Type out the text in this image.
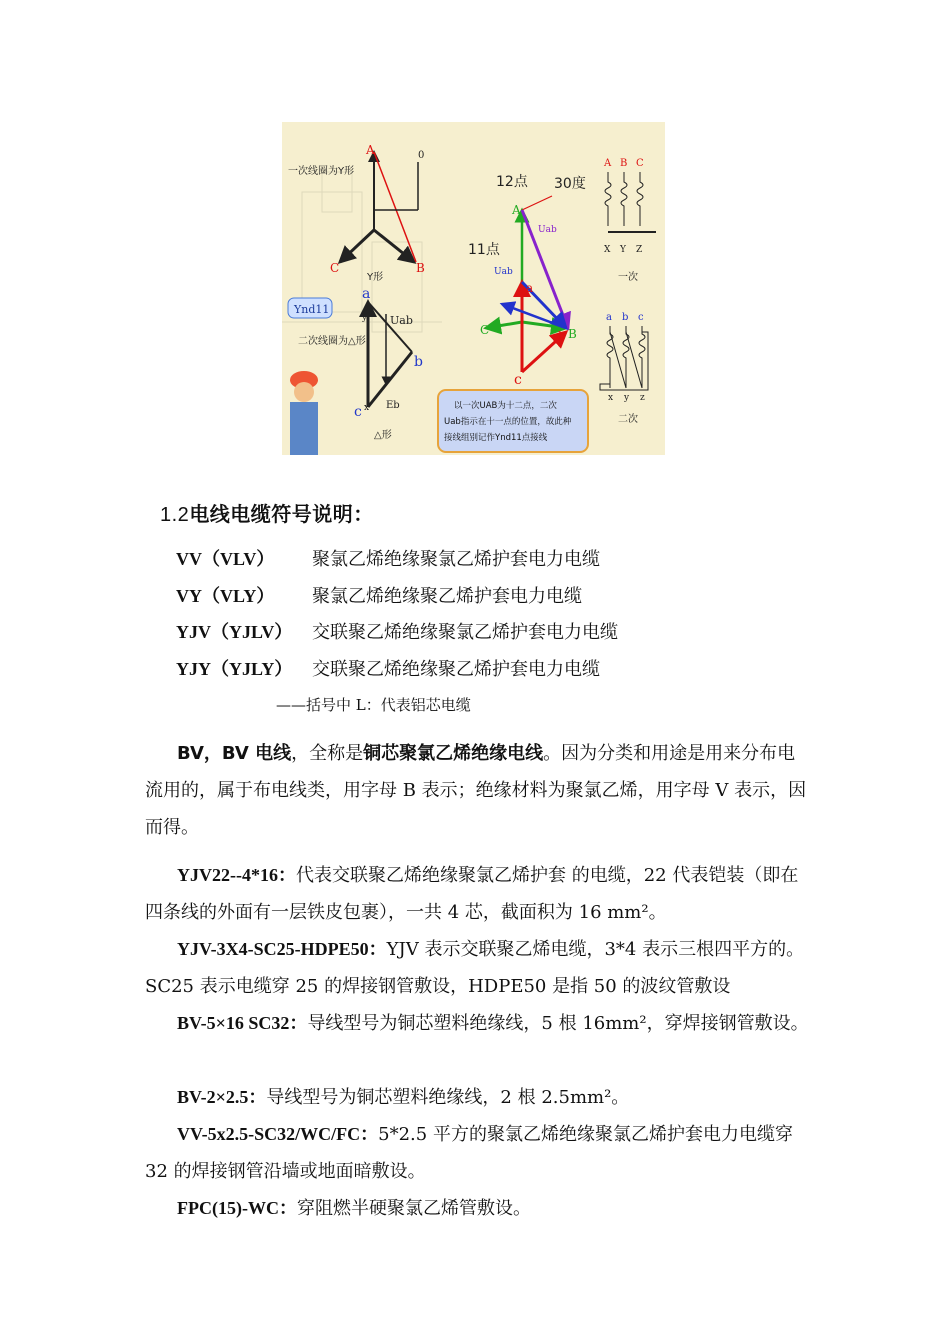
一次线圈为Y形
A
C	B
0
Y形
Ynd11
二次线圈为△形
a
b
c
Uab
Eb
y
x
△形
12点 30度
11点
A
C	B
c
b
a
Uab
Uab
A B C
X Y Z
一次
a b c
x y z
二次
以一次UAB为十二点，二次
Uab指示在十一点的位置，故此种
接线组别记作Ynd11点接线
1.2电线电缆符号说明：
VV（VLV） 聚氯乙烯绝缘聚氯乙烯护套电力电缆
VY（VLY） 聚氯乙烯绝缘聚乙烯护套电力电缆
YJV（YJLV） 交联聚乙烯绝缘聚氯乙烯护套电力电缆
YJY（YJLY） 交联聚乙烯绝缘聚乙烯护套电力电缆
——括号中 L：代表铝芯电缆

BV，BV 电线，全称是铜芯聚氯乙烯绝缘电线。因为分类和用途是用来分布电流用的，属于布电线类，用字母 B 表示；绝缘材料为聚氯乙烯，用字母 V 表示，因而得。

YJV22--4*16：代表交联聚乙烯绝缘聚氯乙烯护套 的电缆，22 代表铠装（即在四条线的外面有一层铁皮包裹），一共 4 芯，截面积为 16 mm²。

YJV-3X4-SC25-HDPE50：YJV 表示交联聚乙烯电缆，3*4 表示三根四平方的。SC25 表示电缆穿 25 的焊接钢管敷设，HDPE50 是指 50 的波纹管敷设

BV-5×16 SC32：导线型号为铜芯塑料绝缘线，5 根 16mm²，穿焊接钢管敷设。

BV-2×2.5：导线型号为铜芯塑料绝缘线，2 根 2.5mm²。

VV-5x2.5-SC32/WC/FC：5*2.5 平方的聚氯乙烯绝缘聚氯乙烯护套电力电缆穿 32 的焊接钢管沿墙或地面暗敷设。

FPC(15)-WC：穿阻燃半硬聚氯乙烯管敷设。
